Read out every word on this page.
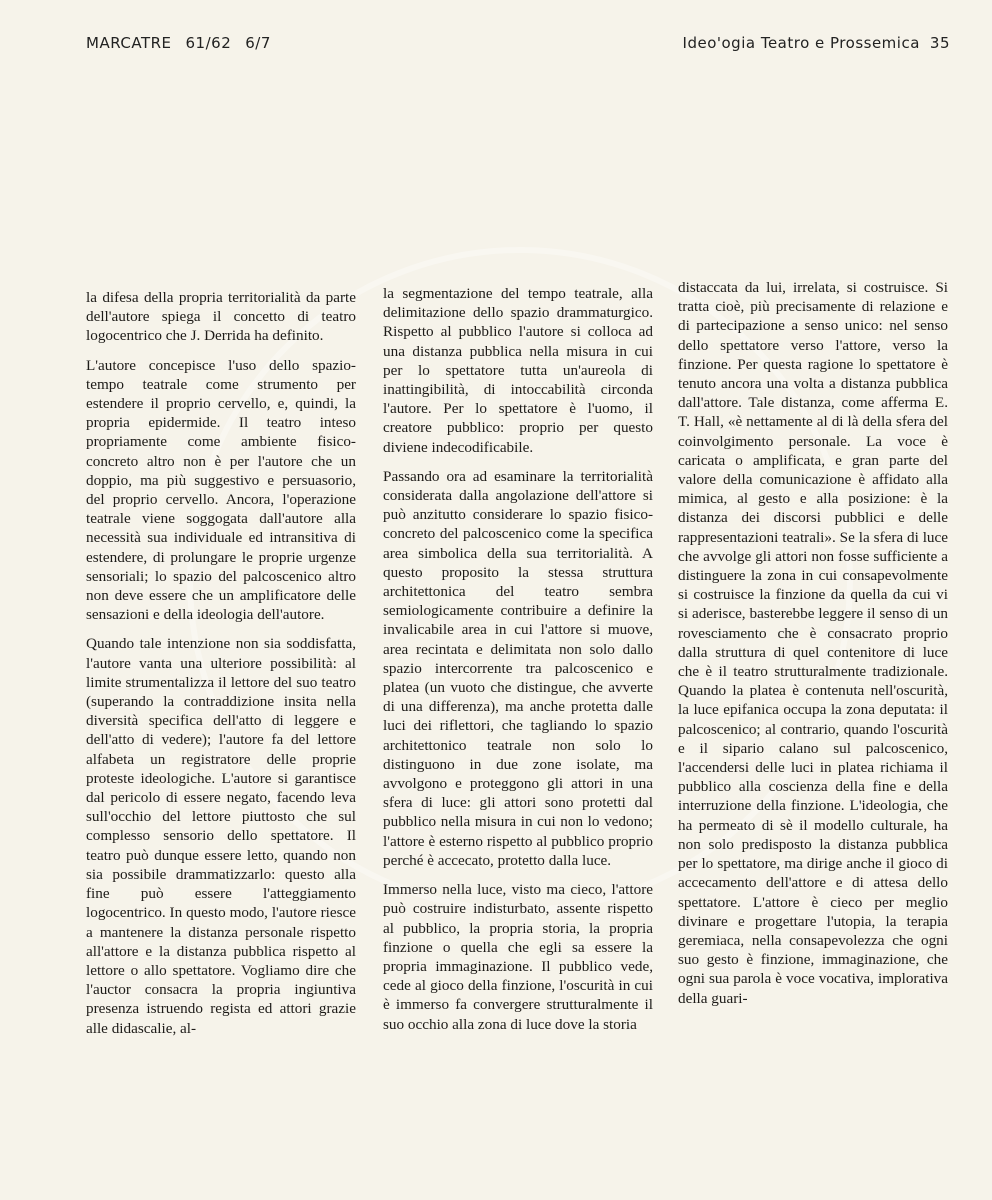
MARCATRE 61/62 6/7	Ideo'ogia Teatro e Prossemica 35

la difesa della propria territorialità da parte dell'autore spiega il concetto di teatro logocentrico che J. Derrida ha definito.

L'autore concepisce l'uso dello spazio-tempo teatrale come strumento per estendere il proprio cervello, e, quindi, la propria epidermide. Il teatro inteso propriamente come ambiente fisico-concreto altro non è per l'autore che un doppio, ma più suggestivo e persuasorio, del proprio cervello. Ancora, l'operazione teatrale viene soggogata dall'autore alla necessità sua individuale ed intransitiva di estendere, di prolungare le proprie urgenze sensoriali; lo spazio del palcoscenico altro non deve essere che un amplificatore delle sensazioni e della ideologia dell'autore.

Quando tale intenzione non sia soddisfatta, l'autore vanta una ulteriore possibilità: al limite strumentalizza il lettore del suo teatro (superando la contraddizione insita nella diversità specifica dell'atto di leggere e dell'atto di vedere); l'autore fa del lettore alfabeta un registratore delle proprie proteste ideologiche. L'autore si garantisce dal pericolo di essere negato, facendo leva sull'occhio del lettore piuttosto che sul complesso sensorio dello spettatore. Il teatro può dunque essere letto, quando non sia possibile drammatizzarlo: questo alla fine può essere l'atteggiamento logocentrico. In questo modo, l'autore riesce a mantenere la distanza personale rispetto all'attore e la distanza pubblica rispetto al lettore o allo spettatore. Vogliamo dire che l'auctor consacra la propria ingiuntiva presenza istruendo regista ed attori grazie alle didascalie, al-

la segmentazione del tempo teatrale, alla delimitazione dello spazio drammaturgico. Rispetto al pubblico l'autore si colloca ad una distanza pubblica nella misura in cui per lo spettatore tutta un'aureola di inattingibilità, di intoccabilità circonda l'autore. Per lo spettatore è l'uomo, il creatore pubblico: proprio per questo diviene indecodificabile.

Passando ora ad esaminare la territorialità considerata dalla angolazione dell'attore si può anzitutto considerare lo spazio fisico-concreto del palcoscenico come la specifica area simbolica della sua territorialità. A questo proposito la stessa struttura architettonica del teatro sembra semiologicamente contribuire a definire la invalicabile area in cui l'attore si muove, area recintata e delimitata non solo dallo spazio intercorrente tra palcoscenico e platea (un vuoto che distingue, che avverte di una differenza), ma anche protetta dalle luci dei riflettori, che tagliando lo spazio architettonico teatrale non solo lo distinguono in due zone isolate, ma avvolgono e proteggono gli attori in una sfera di luce: gli attori sono protetti dal pubblico nella misura in cui non lo vedono; l'attore è esterno rispetto al pubblico proprio perché è accecato, protetto dalla luce.

Immerso nella luce, visto ma cieco, l'attore può costruire indisturbato, assente rispetto al pubblico, la propria storia, la propria finzione o quella che egli sa essere la propria immaginazione. Il pubblico vede, cede al gioco della finzione, l'oscurità in cui è immerso fa convergere strutturalmente il suo occhio alla zona di luce dove la storia

distaccata da lui, irrelata, si costruisce. Si tratta cioè, più precisamente di relazione e di partecipazione a senso unico: nel senso dello spettatore verso l'attore, verso la finzione. Per questa ragione lo spettatore è tenuto ancora una volta a distanza pubblica dall'attore. Tale distanza, come afferma E. T. Hall, «è nettamente al di là della sfera del coinvolgimento personale. La voce è caricata o amplificata, e gran parte del valore della comunicazione è affidato alla mimica, al gesto e alla posizione: è la distanza dei discorsi pubblici e delle rappresentazioni teatrali». Se la sfera di luce che avvolge gli attori non fosse sufficiente a distinguere la zona in cui consapevolmente si costruisce la finzione da quella da cui vi si aderisce, basterebbe leggere il senso di un rovesciamento che è consacrato proprio dalla struttura di quel contenitore di luce che è il teatro strutturalmente tradizionale. Quando la platea è contenuta nell'oscurità, la luce epifanica occupa la zona deputata: il palcoscenico; al contrario, quando l'oscurità e il sipario calano sul palcoscenico, l'accendersi delle luci in platea richiama il pubblico alla coscienza della fine e della interruzione della finzione. L'ideologia, che ha permeato di sè il modello culturale, ha non solo predisposto la distanza pubblica per lo spettatore, ma dirige anche il gioco di accecamento dell'attore e di attesa dello spettatore. L'attore è cieco per meglio divinare e progettare l'utopia, la terapia geremiaca, nella consapevolezza che ogni suo gesto è finzione, immaginazione, che ogni sua parola è voce vocativa, implorativa della guari-
